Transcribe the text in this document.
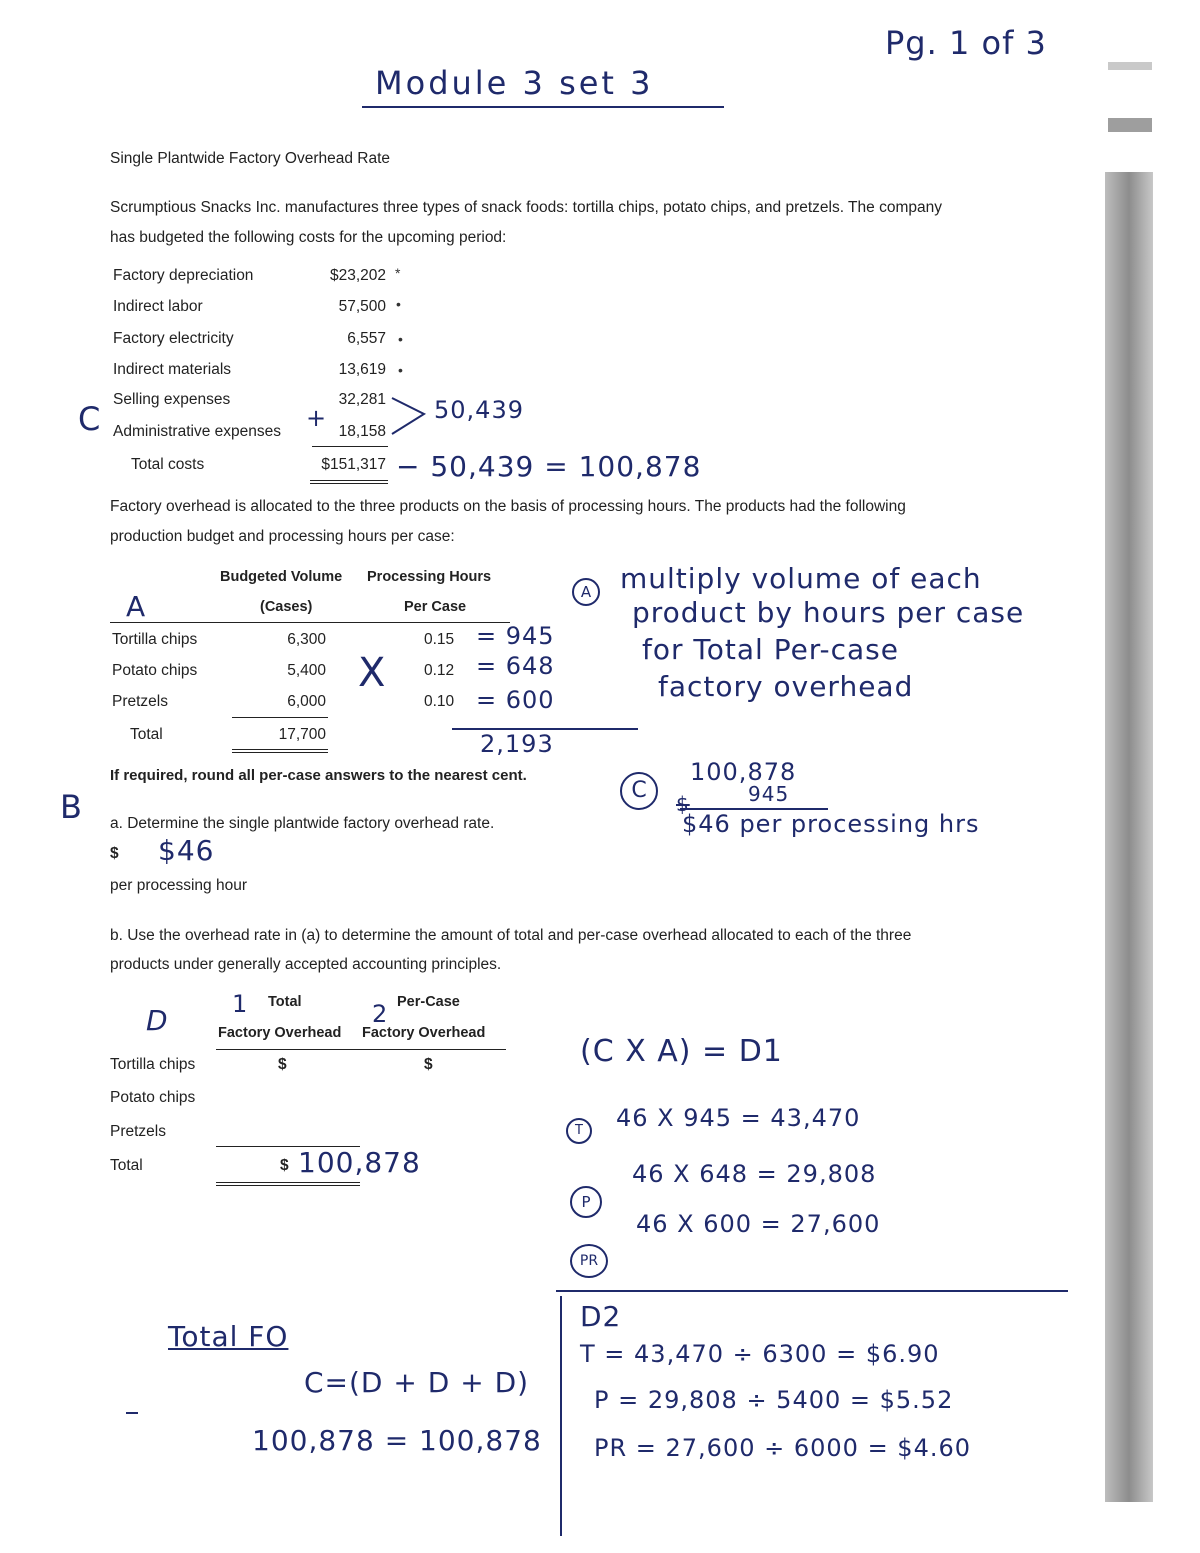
Pg. 1 of 3
Module 3 set 3
Single Plantwide Factory Overhead Rate
Scrumptious Snacks Inc. manufactures three types of snack foods: tortilla chips, potato chips, and pretzels. The company
has budgeted the following costs for the upcoming period:
Factory depreciation	$23,202
Indirect labor	57,500
Factory electricity	6,557
Indirect materials	13,619
Selling expenses	32,281
Administrative expenses	18,158
Total costs	$151,317
*
•
•
•
C	+	50,439
− 50,439 = 100,878
Factory overhead is allocated to the three products on the basis of processing hours. The products had the following
production budget and processing hours per case:
Budgeted Volume Processing Hours
(Cases)	Per Case
Tortilla chips	6,300	0.15
Potato chips	5,400	0.12
Pretzels	6,000	0.10
Total	17,700
A
X
= 945
= 648
= 600
2,193
A	multiply volume of each
product by hours per case
for Total Per-case
factory overhead
If required, round all per-case answers to the nearest cent.
B a. Determine the single plantwide factory overhead rate.
$ $46
per processing hour
C
100,878
$	945
$46 per processing hrs
b. Use the overhead rate in (a) to determine the amount of total and per-case overhead allocated to each of the three
products under generally accepted accounting principles.
D	1	2
Total	Per-Case
Factory Overhead Factory Overhead
Tortilla chips	$	$
Potato chips
Pretzels
Total	$ 100,878
(C X A) = D1
T	46 X 945 = 43,470
P
46 X 648 = 29,808
PR
46 X 600 = 27,600
D2
T = 43,470 ÷ 6300 = $6.90
P = 29,808 ÷ 5400 = $5.52
PR = 27,600 ÷ 6000 = $4.60
Total FO
C=(D + D + D)
100,878 = 100,878
